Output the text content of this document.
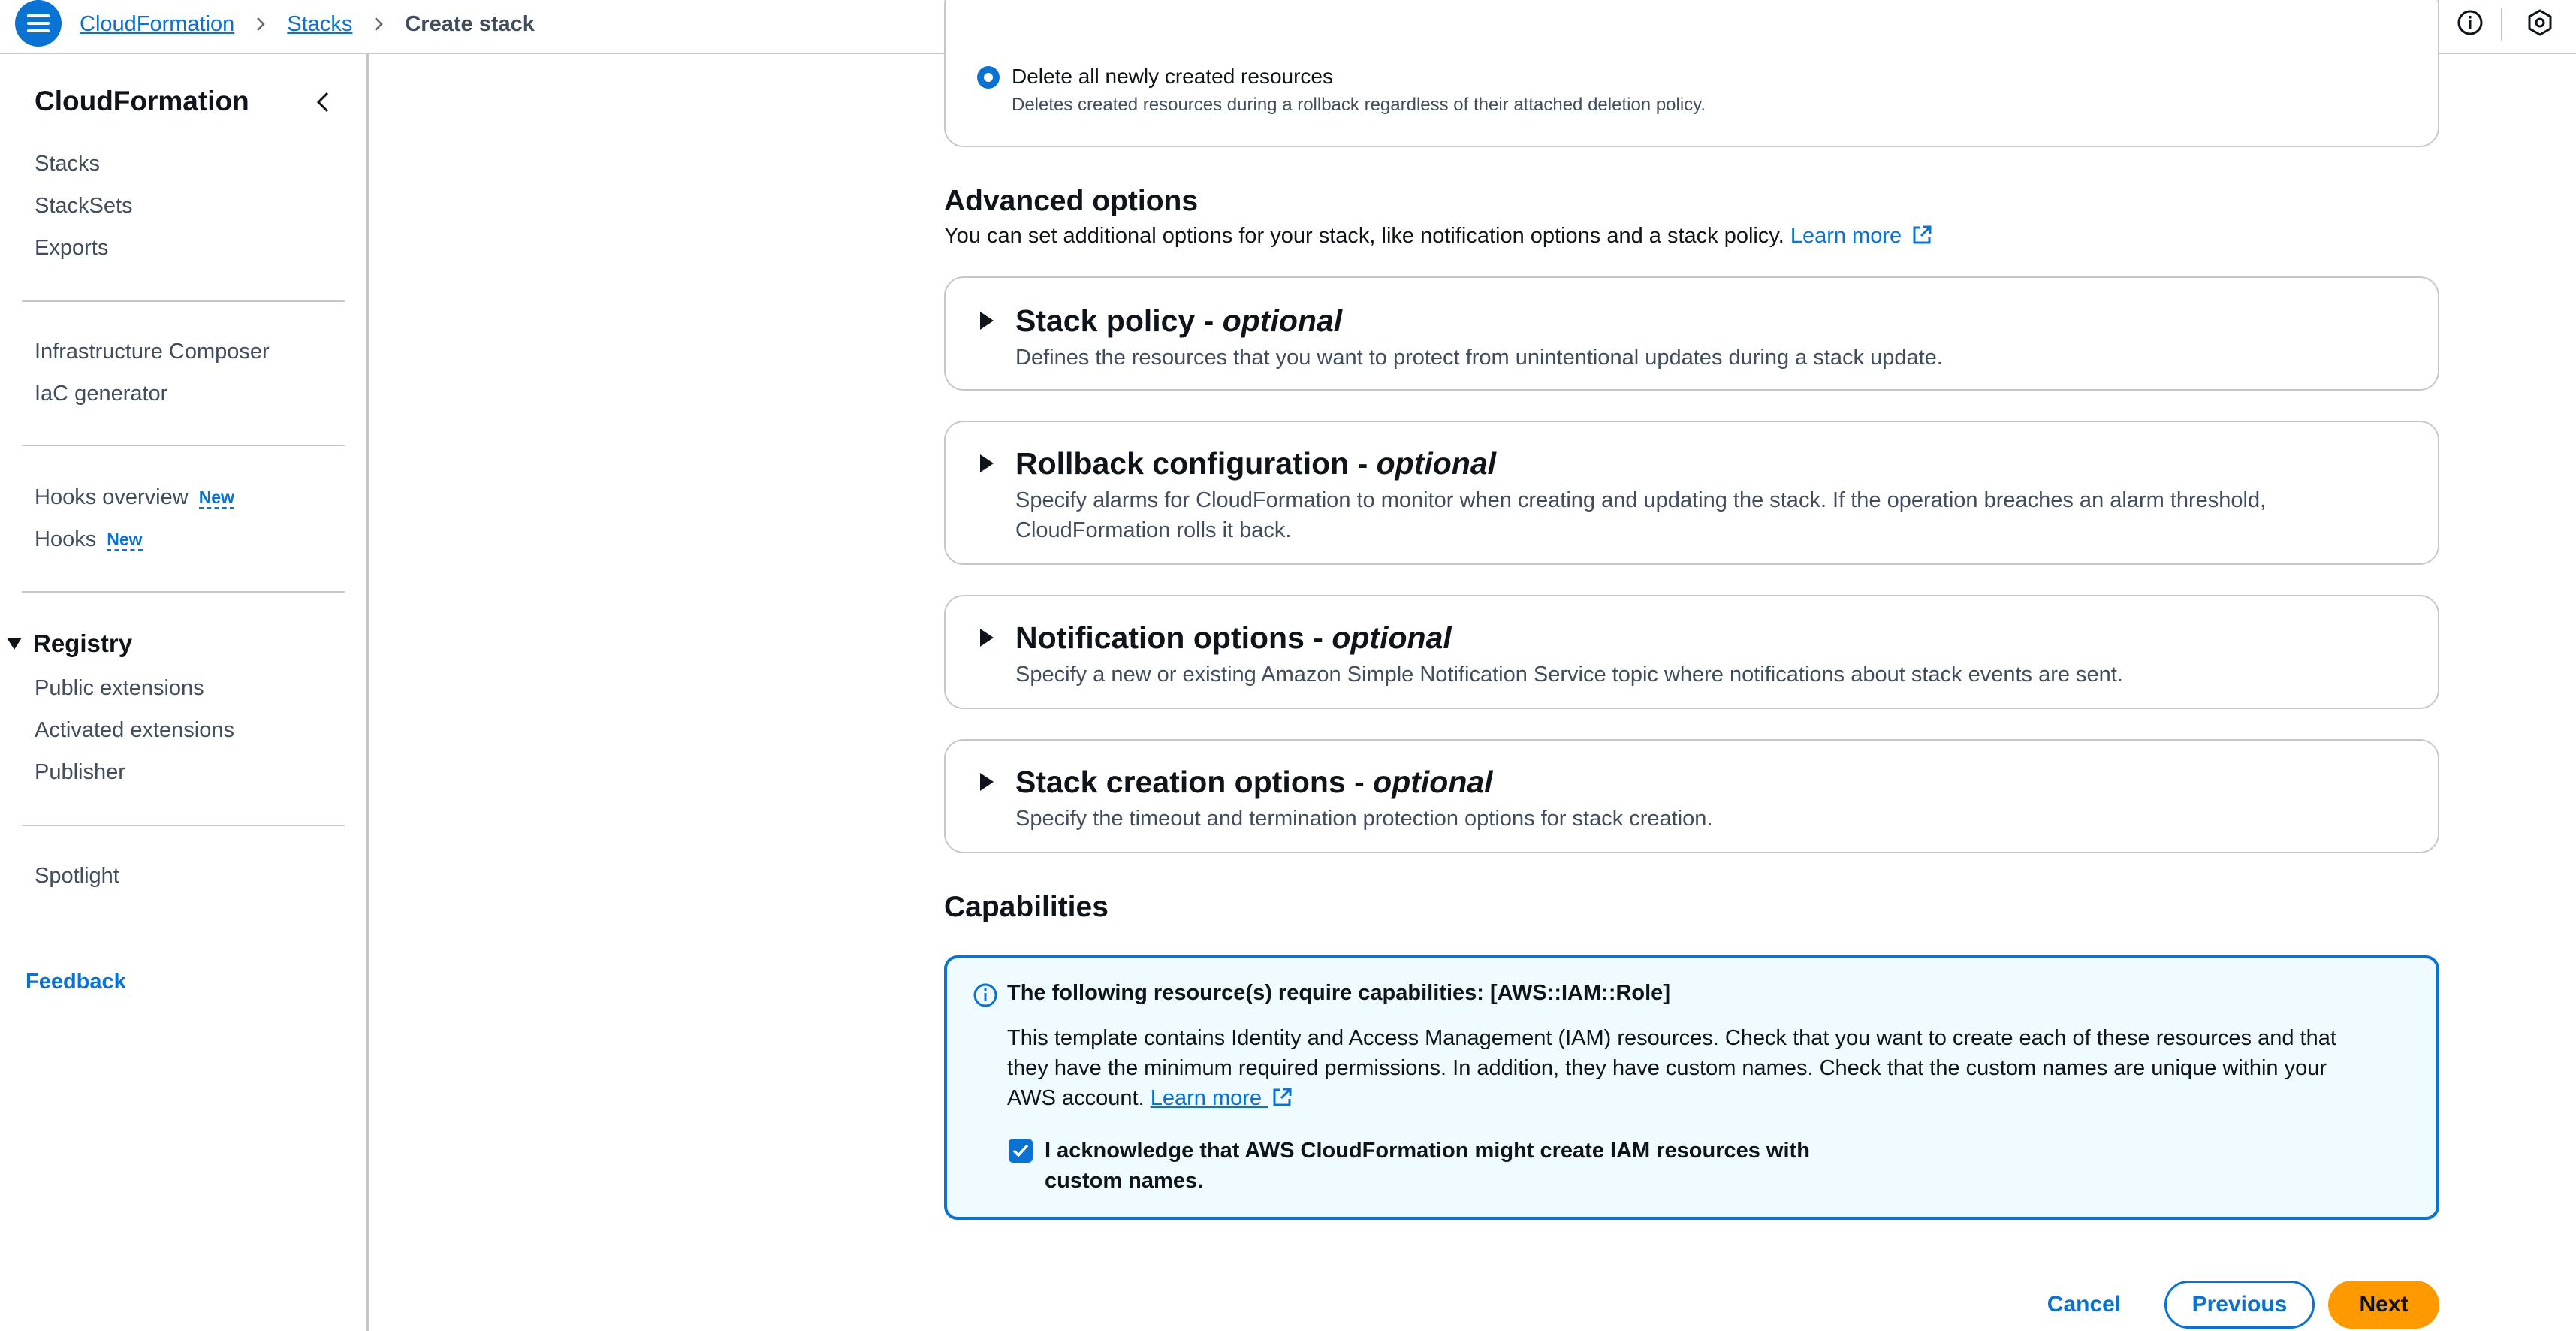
CloudFormation Stacks Create stack
CloudFormation
Stacks
StackSets
Exports
Infrastructure Composer
IaC generator
Hooks overview New
Hooks New
Registry
Public extensions
Activated extensions
Publisher
Spotlight
Feedback
Delete all newly created resources
Deletes created resources during a rollback regardless of their attached deletion policy.
Advanced options
You can set additional options for your stack, like notification options and a stack policy. Learn more
Stack policy - optional
Defines the resources that you want to protect from unintentional updates during a stack update.
Rollback configuration - optional
Specify alarms for CloudFormation to monitor when creating and updating the stack. If the operation breaches an alarm threshold, CloudFormation rolls it back.
Notification options - optional
Specify a new or existing Amazon Simple Notification Service topic where notifications about stack events are sent.
Stack creation options - optional
Specify the timeout and termination protection options for stack creation.
Capabilities
The following resource(s) require capabilities: [AWS::IAM::Role]
This template contains Identity and Access Management (IAM) resources. Check that you want to create each of these resources and that they have the minimum required permissions. In addition, they have custom names. Check that the custom names are unique within your AWS account. Learn more
I acknowledge that AWS CloudFormation might create IAM resources with custom names.
Cancel	Previous	Next
